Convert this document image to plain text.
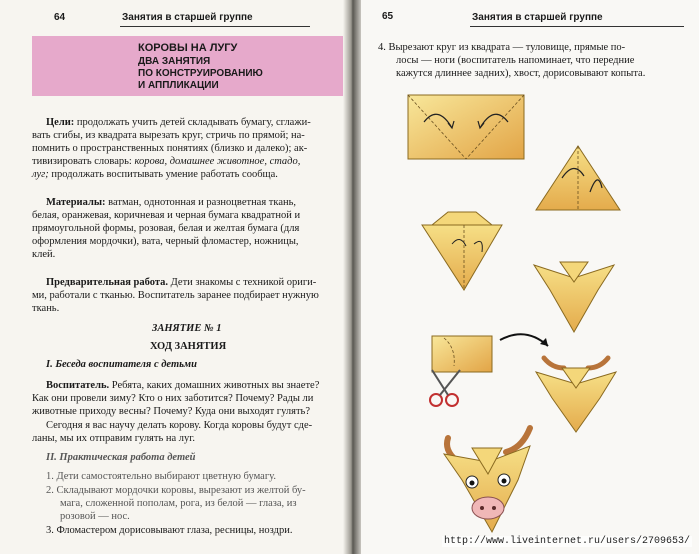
64	Занятия в старшей группе
КОРОВЫ НА ЛУГУ
ДВА ЗАНЯТИЯ
ПО КОНСТРУИРОВАНИЮ
И АППЛИКАЦИИ
Цели: продолжать учить детей складывать бумагу, сглажи-
вать сгибы, из квадрата вырезать круг, стричь по прямой; на-
помнить о пространственных понятиях (близко и далеко); ак-
тивизировать словарь: корова, домашнее животное, стадо,
луг; продолжать воспитывать умение работать сообща.
Материалы: ватман, однотонная и разноцветная ткань,
белая, оранжевая, коричневая и черная бумага квадратной и
прямоугольной формы, розовая, белая и желтая бумага (для
оформления мордочки), вата, черный фломастер, ножницы,
клей.
Предварительная работа. Дети знакомы с техникой ориги-
ми, работали с тканью. Воспитатель заранее подбирает нужную
ткань.
ЗАНЯТИЕ № 1
ХОД ЗАНЯТИЯ
I. Беседа воспитателя с детьми
Воспитатель. Ребята, каких домашних животных вы знаете?
Как они провели зиму? Кто о них заботится? Почему? Рады ли
животные приходу весны? Почему? Куда они выходят гулять?
Сегодня я вас научу делать корову. Когда коровы будут сде-
ланы, мы их отправим гулять на луг.
II. Практическая работа детей
1. Дети самостоятельно выбирают цветную бумагу.
2. Складывают мордочки коровы, вырезают из желтой бу-
мага, сложенной пополам, рога, из белой — глаза, из
розовой — нос.
3. Фломастером дорисовывают глаза, ресницы, ноздри.
65	Занятия в старшей группе
4. Вырезают круг из квадрата — туловище, прямые по-
лосы — ноги (воспитатель напоминает, что передние
кажутся длиннее задних), хвост, дорисовывают копыта.
http://www.liveinternet.ru/users/2709653/
